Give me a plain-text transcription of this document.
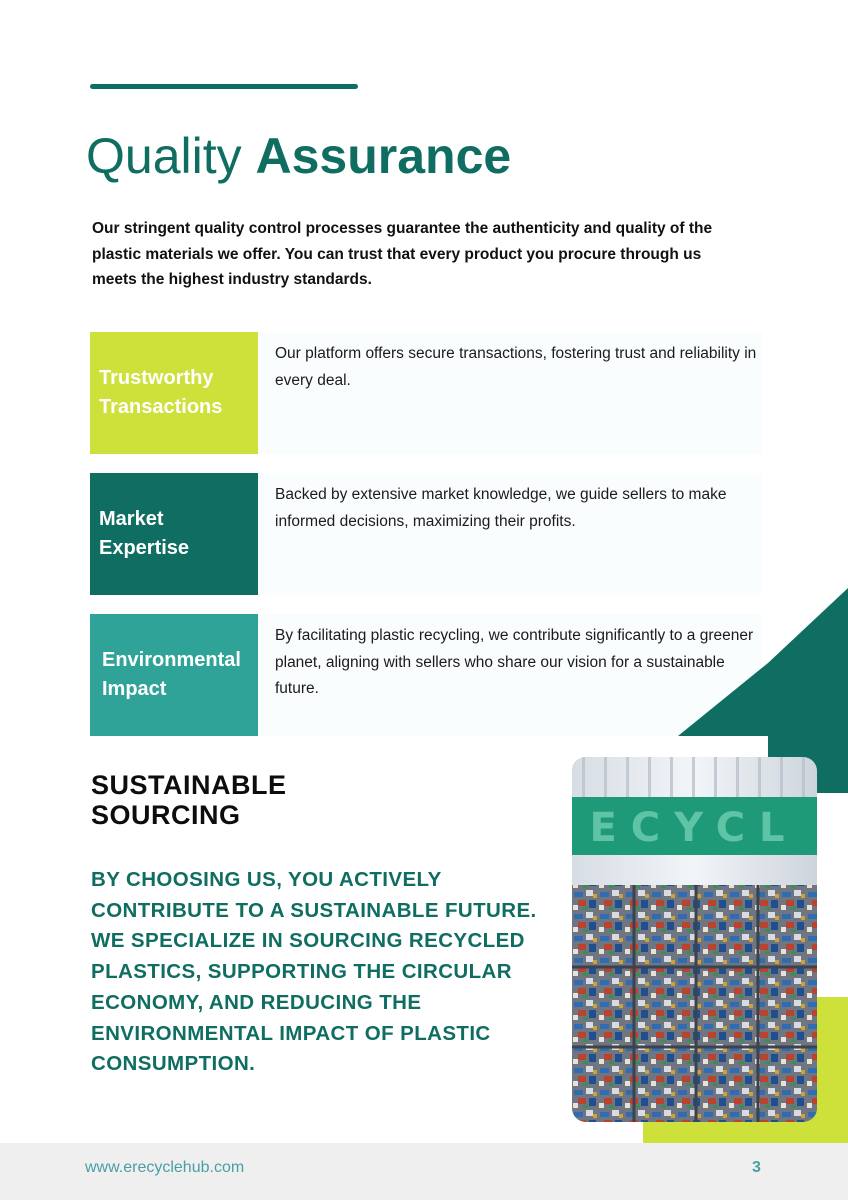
Quality Assurance

Our stringent quality control processes guarantee the authenticity and quality of the plastic materials we offer. You can trust that every product you procure through us meets the highest industry standards.

Trustworthy
Transactions

Our platform offers secure transactions, fostering trust and reliability in every deal.

Market
Expertise

Backed by extensive market knowledge, we guide sellers to make informed decisions, maximizing their profits.

Environmental
Impact

By facilitating plastic recycling, we contribute significantly to a greener planet, aligning with sellers who share our vision for a sustainable future.

ECYCL
SUSTAINABLE
SOURCING

BY CHOOSING US, YOU ACTIVELY CONTRIBUTE TO A SUSTAINABLE FUTURE. WE SPECIALIZE IN SOURCING RECYCLED PLASTICS, SUPPORTING THE CIRCULAR ECONOMY, AND REDUCING THE ENVIRONMENTAL IMPACT OF PLASTIC CONSUMPTION.

www.erecyclehub.com	3
